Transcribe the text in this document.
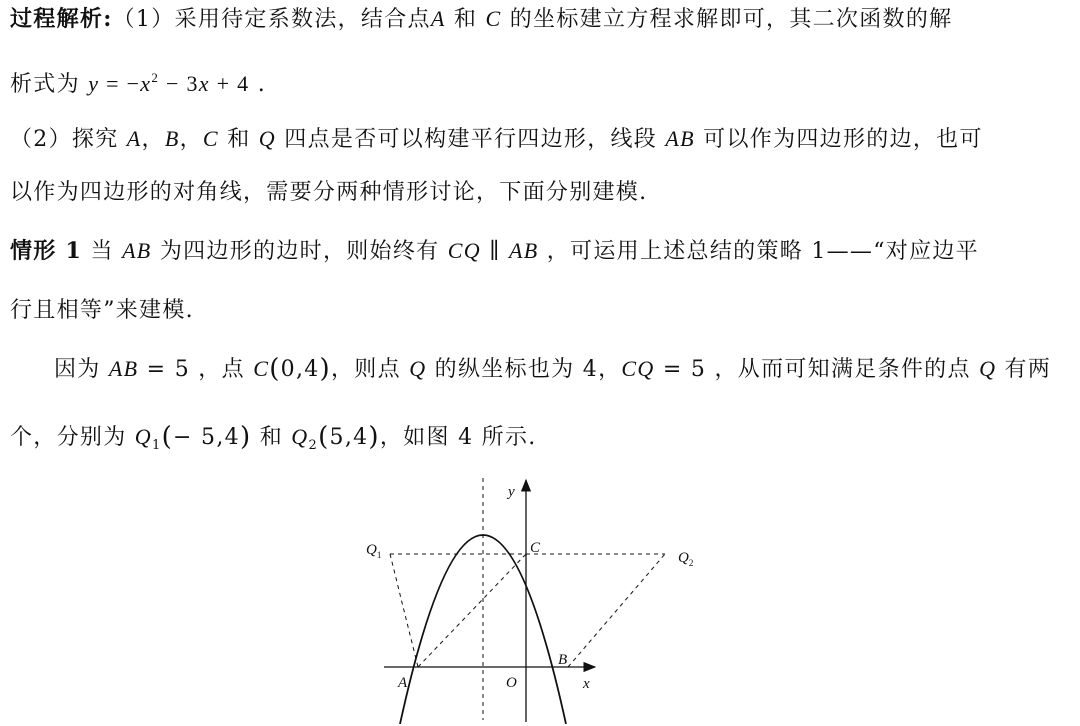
过程解析:（1）采用待定系数法，结合点A 和 C 的坐标建立方程求解即可，其二次函数的解
析式为 $y = -x^2 - 3x + 4$ .
（2）探究 A，B，C 和 Q 四点是否可以构建平行四边形，线段 AB 可以作为四边形的边，也可
以作为四边形的对角线，需要分两种情形讨论，下面分别建模.
情形 1 当 AB 为四边形的边时，则始终有 CQ ∥ AB ，可运用上述总结的策略 1——“对应边平
行且相等”来建模.
因为 AB = 5 ，点 C(0,4)，则点 Q 的纵坐标也为 4，CQ = 5 ，从而可知满足条件的点 Q 有两
个，分别为 $Q_1(- 5,4)$ 和 $Q_2(5,4)$，如图 4 所示.
y
x
O
A
B
C
$Q_1$	$Q_2$
